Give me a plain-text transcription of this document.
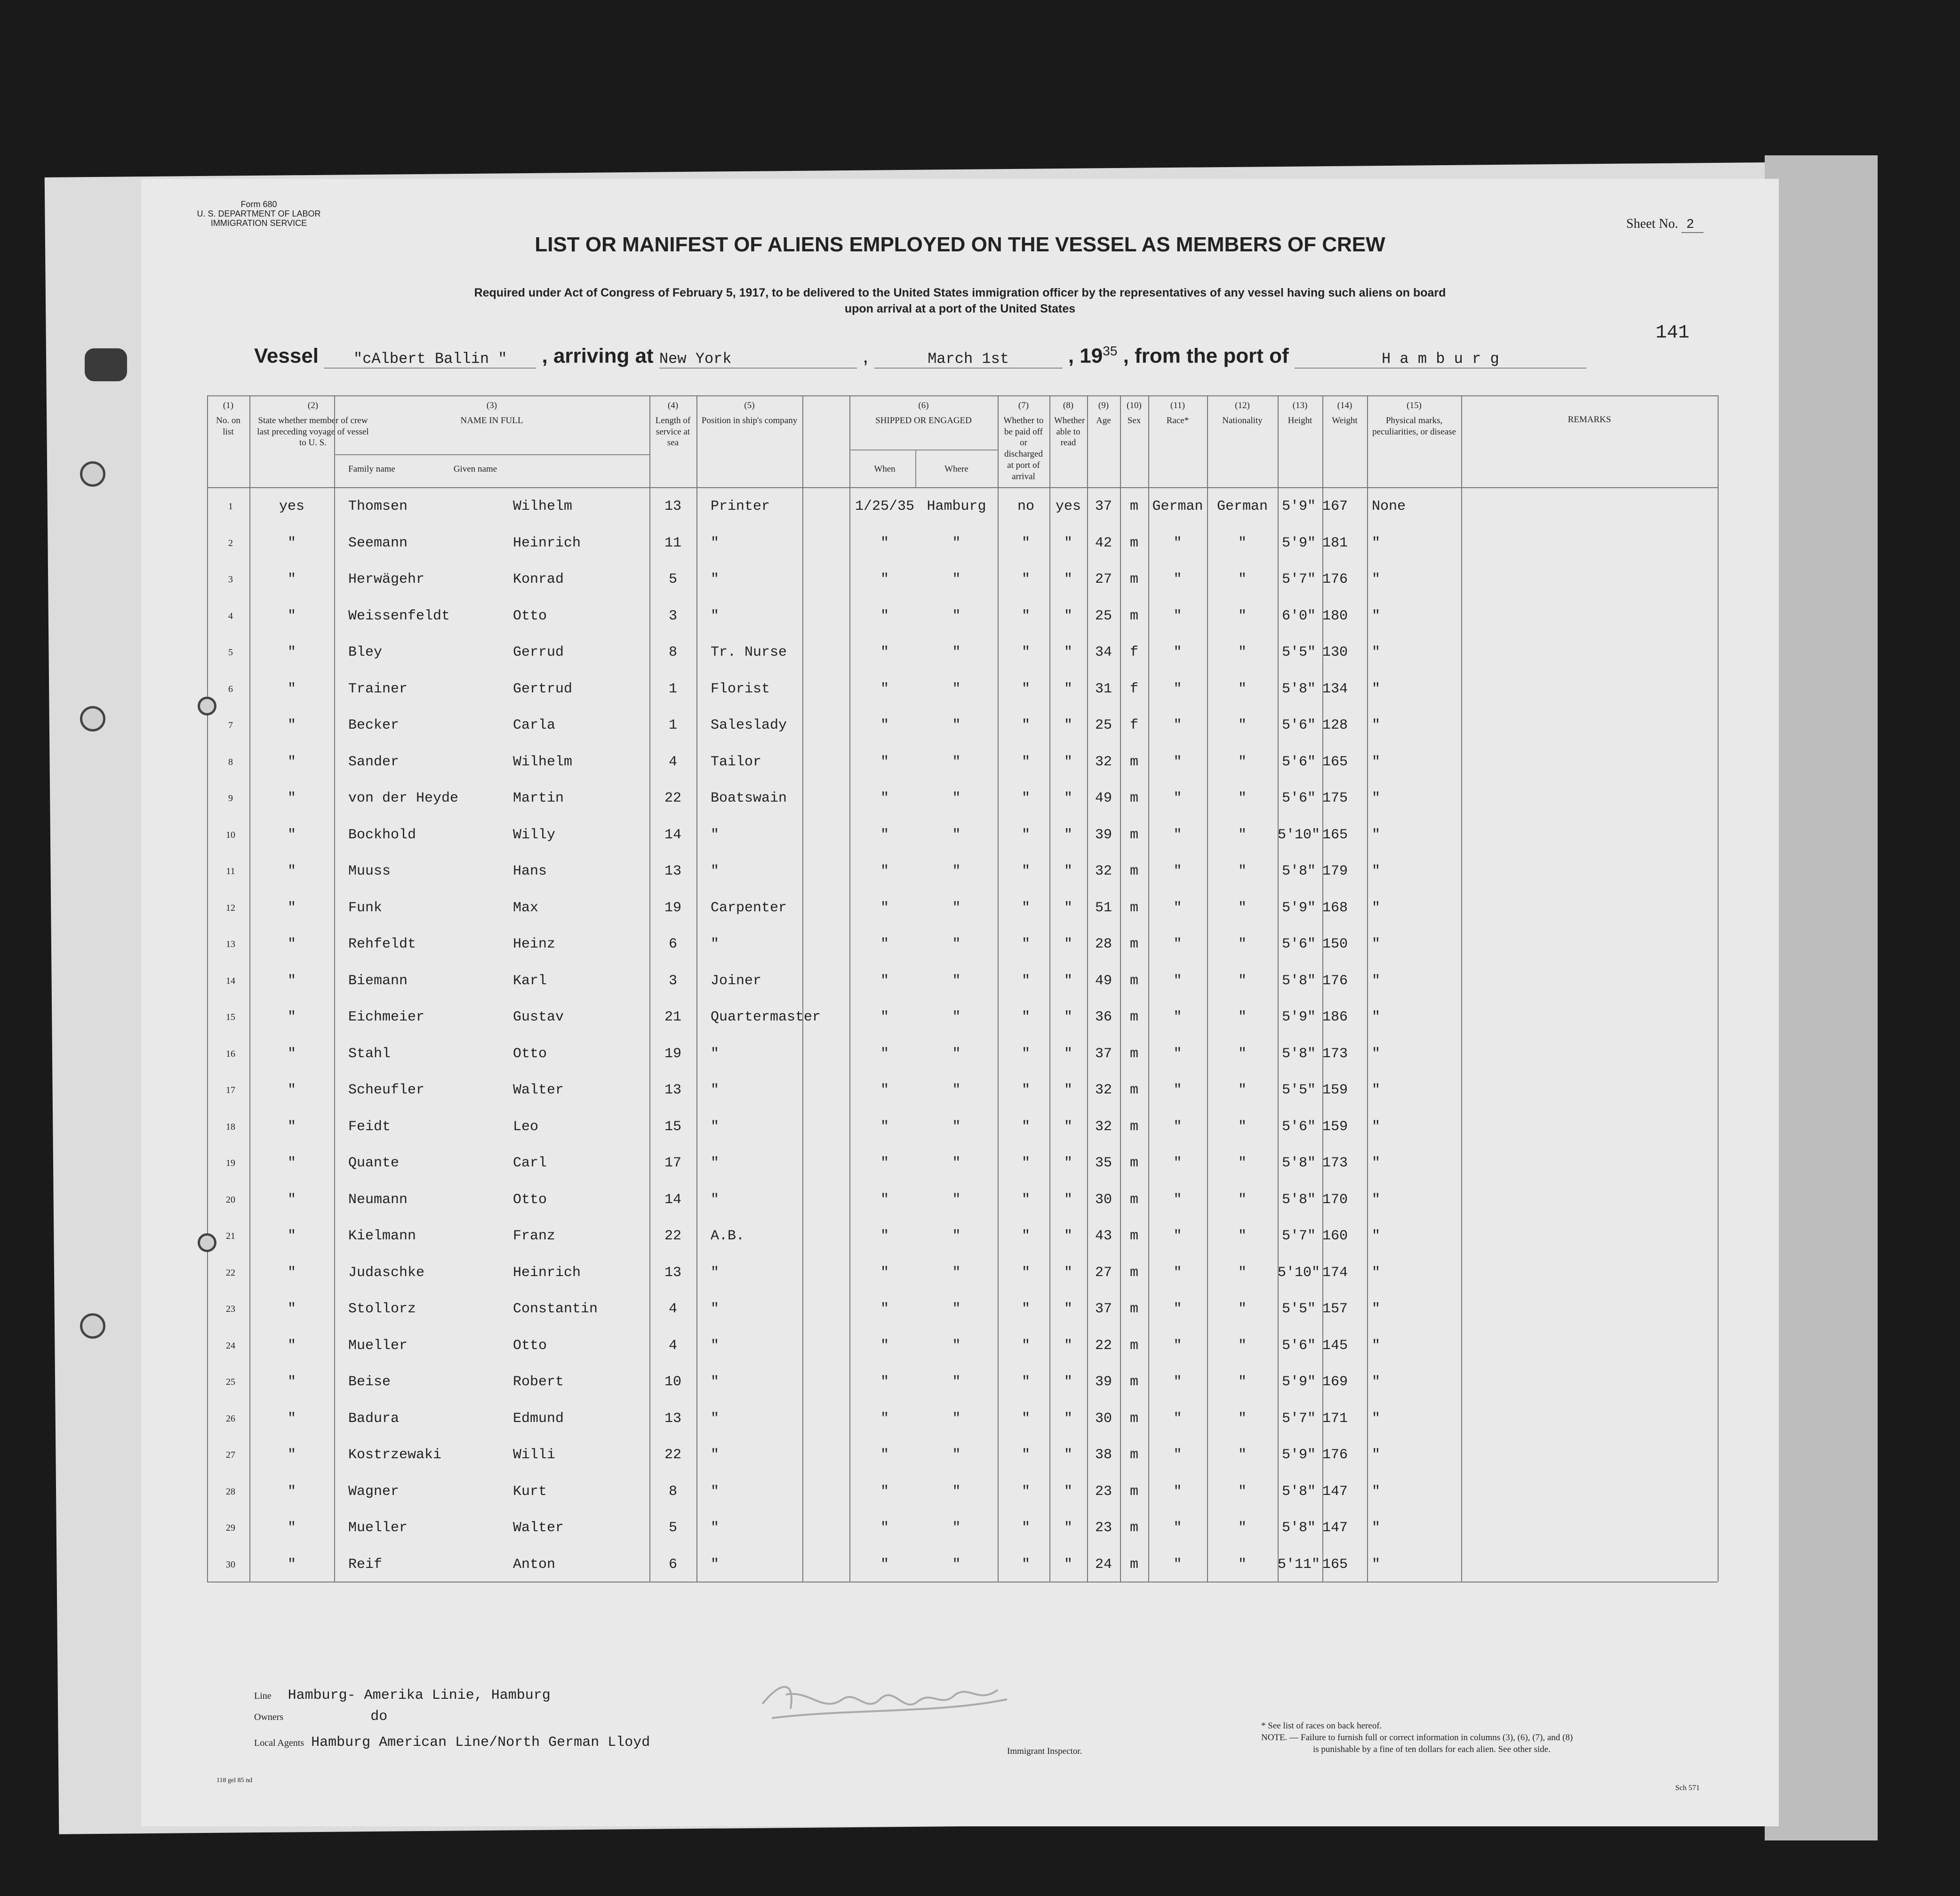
Form 680
U. S. DEPARTMENT OF LABOR
IMMIGRATION SERVICE	Sheet No. 2
LIST OR MANIFEST OF ALIENS EMPLOYED ON THE VESSEL AS MEMBERS OF CREW
Required under Act of Congress of February 5, 1917, to be delivered to the United States immigration officer by the representatives of any vessel having such aliens on board
upon arrival at a port of the United States
141
Vessel "cAlbert Ballin " , arriving at New York	,	March 1st	, $19^{35}$ , from the port of	H a m b u r g
(1)
No. on list
(2)
State whether member of crew last preceding voyage of vessel to U. S.
(3)
NAME IN FULL
(4)
Length of service at sea
(5)
Position in ship's company
(6)
SHIPPED OR ENGAGED
(7)
Whether to be paid off or discharged at port of arrival
(8)
Whether able to read
(9)
Age
(10)
Sex
(11)
Race*
(12)
Nationality
(13)
Height
(14)
Weight
(15)
Physical marks, peculiarities, or disease
REMARKS
Family name	Given name	When	Where
1	yes	Thomsen	Wilhelm	13	Printer	1/25/35 Hamburg	no	yes 37	m German German 5'9" 167	None
2	"	Seemann	Heinrich	11	"	"	"	"	"	42	m	"	"	5'9" 181	"
3	"	Herwägehr	Konrad	5	"	"	"	"	"	27	m	"	"	5'7" 176	"
4	"	Weissenfeldt	Otto	3	"	"	"	"	"	25	m	"	"	6'0" 180	"
5	"	Bley	Gerrud	8	Tr. Nurse	"	"	"	"	34	f	"	"	5'5" 130	"
6	"	Trainer	Gertrud	1	Florist	"	"	"	"	31	f	"	"	5'8" 134	"
7	"	Becker	Carla	1	Saleslady	"	"	"	"	25	f	"	"	5'6" 128	"
8	"	Sander	Wilhelm	4	Tailor	"	"	"	"	32	m	"	"	5'6" 165	"
9	"	von der Heyde	Martin	22	Boatswain	"	"	"	"	49	m	"	"	5'6" 175	"
10	"	Bockhold	Willy	14	"	"	"	"	"	39	m	"	"	5'10" 165	"
11	"	Muuss	Hans	13	"	"	"	"	"	32	m	"	"	5'8" 179	"
12	"	Funk	Max	19	Carpenter	"	"	"	"	51	m	"	"	5'9" 168	"
13	"	Rehfeldt	Heinz	6	"	"	"	"	"	28	m	"	"	5'6" 150	"
14	"	Biemann	Karl	3	Joiner	"	"	"	"	49	m	"	"	5'8" 176	"
15	"	Eichmeier	Gustav	21	Quartermaster	"	"	"	"	36	m	"	"	5'9" 186	"
16	"	Stahl	Otto	19	"	"	"	"	"	37	m	"	"	5'8" 173	"
17	"	Scheufler	Walter	13	"	"	"	"	"	32	m	"	"	5'5" 159	"
18	"	Feidt	Leo	15	"	"	"	"	"	32	m	"	"	5'6" 159	"
19	"	Quante	Carl	17	"	"	"	"	"	35	m	"	"	5'8" 173	"
20	"	Neumann	Otto	14	"	"	"	"	"	30	m	"	"	5'8" 170	"
21	"	Kielmann	Franz	22	A.B.	"	"	"	"	43	m	"	"	5'7" 160	"
22	"	Judaschke	Heinrich	13	"	"	"	"	"	27	m	"	"	5'10" 174	"
23	"	Stollorz	Constantin	4	"	"	"	"	"	37	m	"	"	5'5" 157	"
24	"	Mueller	Otto	4	"	"	"	"	"	22	m	"	"	5'6" 145	"
25	"	Beise	Robert	10	"	"	"	"	"	39	m	"	"	5'9" 169	"
26	"	Badura	Edmund	13	"	"	"	"	"	30	m	"	"	5'7" 171	"
27	"	Kostrzewaki	Willi	22	"	"	"	"	"	38	m	"	"	5'9" 176	"
28	"	Wagner	Kurt	8	"	"	"	"	"	23	m	"	"	5'8" 147	"
29	"	Mueller	Walter	5	"	"	"	"	"	23	m	"	"	5'8" 147	"
30	"	Reif	Anton	6	"	"	"	"	"	24	m	"	"	5'11" 165	"
Line Hamburg- Amerika Linie, Hamburg
Owners	do
Local Agents Hamburg American Line/North German Lloyd
Immigrant Inspector.
* See list of races on back hereof.
NOTE. — Failure to furnish full or correct information in columns (3), (6), (7), and (8)
is punishable by a fine of ten dollars for each alien. See other side.
118 gel 85 nd
Sch 571
